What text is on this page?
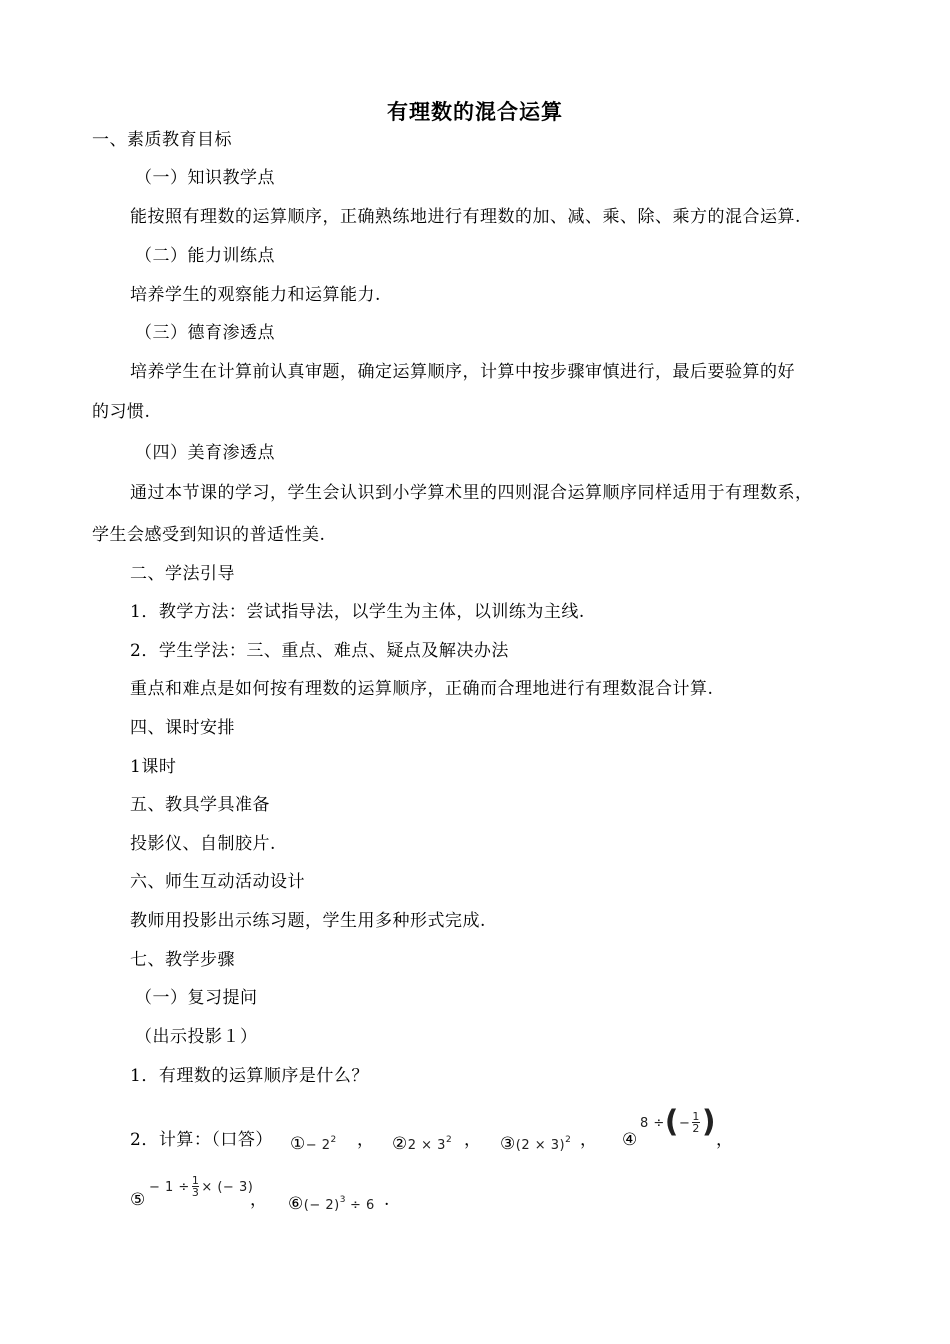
有理数的混合运算
一、素质教育目标
（一）知识教学点
能按照有理数的运算顺序，正确熟练地进行有理数的加、减、乘、除、乘方的混合运算.
（二）能力训练点
培养学生的观察能力和运算能力.
（三）德育渗透点
培养学生在计算前认真审题，确定运算顺序，计算中按步骤审慎进行，最后要验算的好
的习惯.
（四）美育渗透点
通过本节课的学习，学生会认识到小学算术里的四则混合运算顺序同样适用于有理数系，
学生会感受到知识的普适性美.
二、学法引导
1．教学方法：尝试指导法，以学生为主体，以训练为主线.
2．学生学法：三、重点、难点、疑点及解决办法
重点和难点是如何按有理数的运算顺序，正确而合理地进行有理数混合计算.
四、课时安排
1课时
五、教具学具准备
投影仪、自制胶片.
六、师生互动活动设计
教师用投影出示练习题，学生用多种形式完成.
七、教学步骤
（一）复习提问
（出示投影１）
1．有理数的运算顺序是什么？
2．计算：（口答） ①− $2^2$ ， ②2 × $3^2$ ， ③(2 × 3)$^2$ ， ④
8 ÷(− $\frac{1}{2}$ )
，
⑤
− $1 \div \frac{1}{3}$ × (− 3)
， ⑥(− 2)$^3$ ÷ 6 .
